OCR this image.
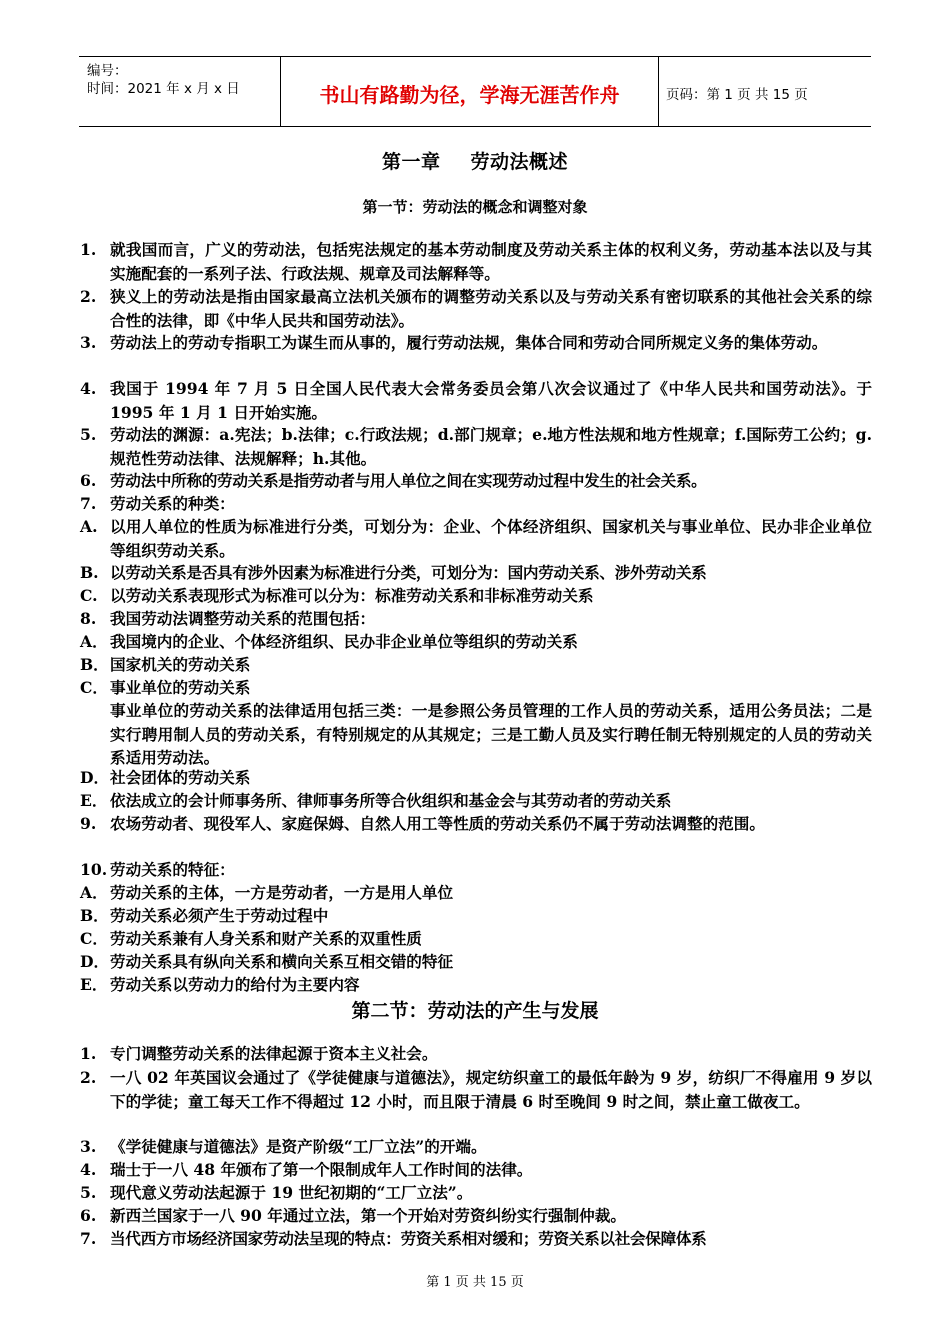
编号：
时间：2021 年 x 月 x 日	书山有路勤为径，学海无涯苦作舟	页码：第 1 页 共 15 页
第一章 劳动法概述
第一节：劳动法的概念和调整对象
1. 就我国而言，广义的劳动法，包括宪法规定的基本劳动制度及劳动关系主体的权利义务，劳动基本法以及与其实施配套的一系列子法、行政法规、规章及司法解释等。
2. 狭义上的劳动法是指由国家最高立法机关颁布的调整劳动关系以及与劳动关系有密切联系的其他社会关系的综合性的法律，即《中华人民共和国劳动法》。
3. 劳动法上的劳动专指职工为谋生而从事的，履行劳动法规，集体合同和劳动合同所规定义务的集体劳动。
4. 我国于 1994 年 7 月 5 日全国人民代表大会常务委员会第八次会议通过了《中华人民共和国劳动法》。于 1995 年 1 月 1 日开始实施。
5. 劳动法的渊源：a.宪法；b.法律；c.行政法规；d.部门规章；e.地方性法规和地方性规章；f.国际劳工公约；g.规范性劳动法律、法规解释；h.其他。
6. 劳动法中所称的劳动关系是指劳动者与用人单位之间在实现劳动过程中发生的社会关系。
7. 劳动关系的种类：
A. 以用人单位的性质为标准进行分类，可划分为：企业、个体经济组织、国家机关与事业单位、民办非企业单位等组织劳动关系。
B. 以劳动关系是否具有涉外因素为标准进行分类，可划分为：国内劳动关系、涉外劳动关系
C. 以劳动关系表现形式为标准可以分为：标准劳动关系和非标准劳动关系
8. 我国劳动法调整劳动关系的范围包括：
A． 我国境内的企业、个体经济组织、民办非企业单位等组织的劳动关系
B． 国家机关的劳动关系
C． 事业单位的劳动关系
事业单位的劳动关系的法律适用包括三类：一是参照公务员管理的工作人员的劳动关系，适用公务员法；二是实行聘用制人员的劳动关系，有特别规定的从其规定；三是工勤人员及实行聘任制无特别规定的人员的劳动关系适用劳动法。
D． 社会团体的劳动关系
E． 依法成立的会计师事务所、律师事务所等合伙组织和基金会与其劳动者的劳动关系
9. 农场劳动者、现役军人、家庭保姆、自然人用工等性质的劳动关系仍不属于劳动法调整的范围。
10. 劳动关系的特征：
A． 劳动关系的主体，一方是劳动者，一方是用人单位
B． 劳动关系必须产生于劳动过程中
C． 劳动关系兼有人身关系和财产关系的双重性质
D． 劳动关系具有纵向关系和横向关系互相交错的特征
E． 劳动关系以劳动力的给付为主要内容
第二节：劳动法的产生与发展
1. 专门调整劳动关系的法律起源于资本主义社会。
2. 一八 02 年英国议会通过了《学徒健康与道德法》，规定纺织童工的最低年龄为 9 岁，纺织厂不得雇用 9 岁以下的学徒；童工每天工作不得超过 12 小时，而且限于清晨 6 时至晚间 9 时之间，禁止童工做夜工。
3. 《学徒健康与道德法》是资产阶级“工厂立法”的开端。
4. 瑞士于一八 48 年颁布了第一个限制成年人工作时间的法律。
5. 现代意义劳动法起源于 19 世纪初期的“工厂立法”。
6. 新西兰国家于一八 90 年通过立法，第一个开始对劳资纠纷实行强制仲裁。
7. 当代西方市场经济国家劳动法呈现的特点：劳资关系相对缓和；劳资关系以社会保障体系
第 1 页 共 15 页
